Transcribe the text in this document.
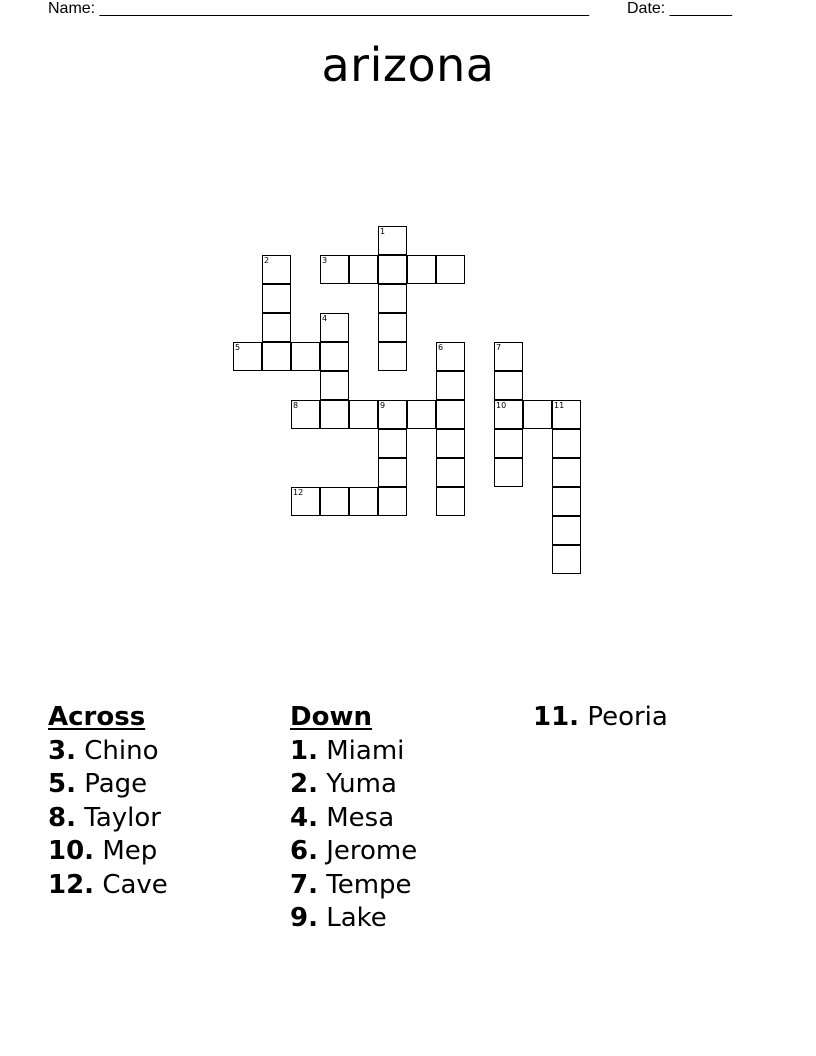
Name: _______________________________________________________ Date: _______
arizona
1
2	3
4
5	6	7
8	9	10	11
12
Across
3. Chino
5. Page
8. Taylor
10. Mep
12. Cave
Down
1. Miami
2. Yuma
4. Mesa
6. Jerome
7. Tempe
9. Lake
11. Peoria
